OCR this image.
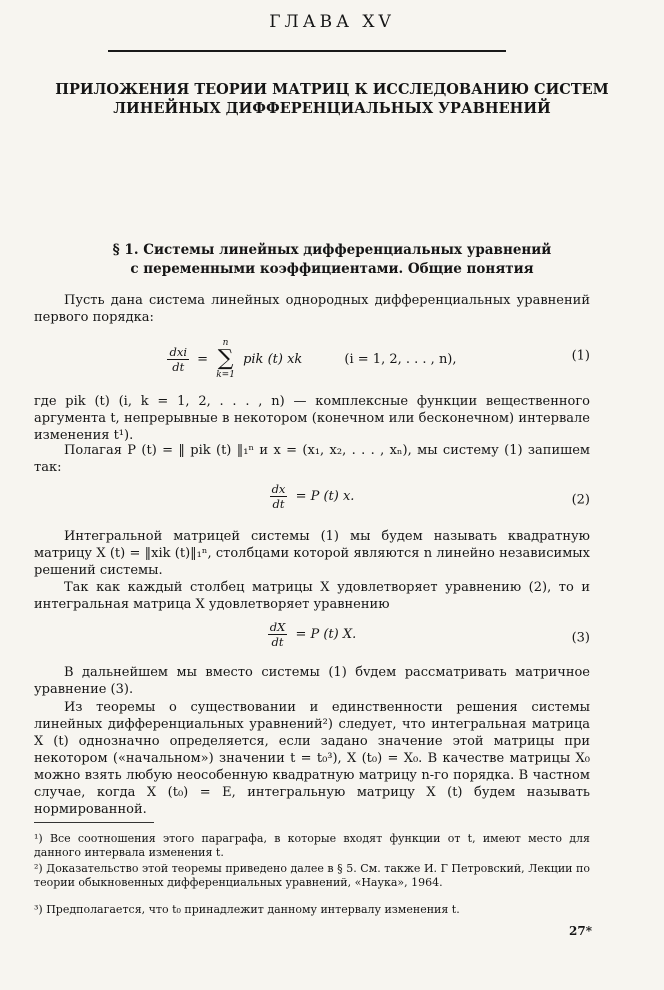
ГЛАВА XV
ПРИЛОЖЕНИЯ ТЕОРИИ МАТРИЦ К ИССЛЕДОВАНИЮ СИСТЕМ
ЛИНЕЙНЫХ ДИФФЕРЕНЦИАЛЬНЫХ УРАВНЕНИЙ
§ 1. Системы линейных дифференциальных уравнений
с переменными коэффициентами. Общие понятия
Пусть дана система линейных однородных дифференциальных уравнений первого порядка:
$\frac{\text{dxi}}{dt}$ =
n
∑
k=1
pik (t) xk	(i = 1, 2, . . . , n),	(1)
где pik (t) (i, k = 1, 2, . . . , n) — комплексные функции вещественного аргумента t, непрерывные в некотором (конечном или бесконечном) интервале изменения t¹).
Полагая P (t) = ‖ pik (t) ‖₁ⁿ и x = (x₁, x₂, . . . , xₙ), мы систему (1) запишем так:
$\frac{dx}{dt} = P$ (t) x.	(2)
Интегральной матрицей системы (1) мы будем называть квадратную матрицу X (t) = ‖xik (t)‖₁ⁿ, столбцами которой являются n линейно независимых решений системы.
Так как каждый столбец матрицы X удовлетворяет уравнению (2), то и интегральная матрица X удовлетворяет уравнению
$\frac{dX}{dt} = P$ (t) X.	(3)
В дальнейшем мы вместо системы (1) бvдем рассматривать матричное уравнение (3).
Из теоремы о существовании и единственности решения системы линейных дифференциальных уравнений²) следует, что интегральная матрица X (t) однозначно определяется, если задано значение этой матрицы при некотором («начальном») значении t = t₀³), X (t₀) = X₀. В качестве матрицы X₀ можно взять любую неособенную квадратную матрицу n-го порядка. В частном случае, когда X (t₀) = E, интегральную матрицу X (t) будем называть нормированной.
¹) Все соотношения этого параграфа, в которые входят функции от t, имеют место для данного интервала изменения t.
²) Доказательство этой теоремы приведено далее в § 5. См. также И. Г Петровский, Лекции по теории обыкновенных дифференциальных уравнений, «Наука», 1964.
³) Предполагается, что t₀ принадлежит данному интервалу изменения t.
27*
